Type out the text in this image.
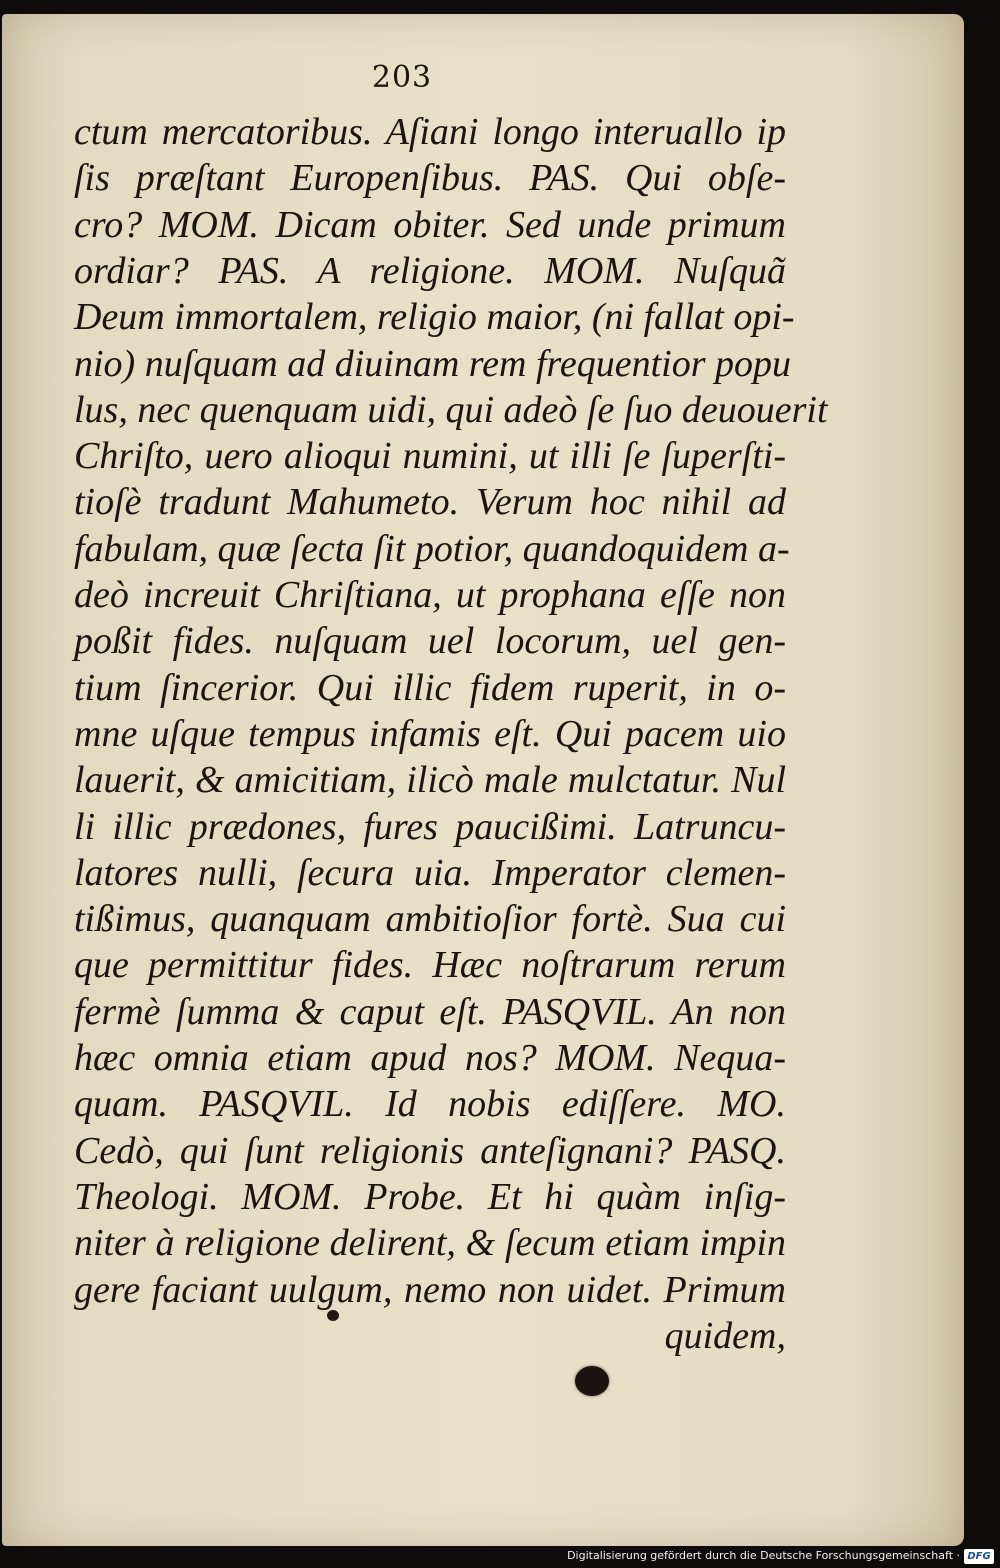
203
ctum mercatoribus. Aſiani longo interuallo ip
ſis præſtant Europenſibus. PAS. Qui obſe-
cro? MOM. Dicam obiter. Sed unde primum
ordiar? PAS. A religione. MOM. Nuſquã
Deum immortalem, religio maior, (ni fallat opi-
nio) nuſquam ad diuinam rem frequentior popu
lus, nec quenquam uidi, qui adeò ſe ſuo deuouerit
Chriſto, uero alioqui numini, ut illi ſe ſuperſti-
tioſè tradunt Mahumeto. Verum hoc nihil ad
fabulam, quæ ſecta ſit potior, quandoquidem a-
deò increuit Chriſtiana, ut prophana eſſe non
poßit fides. nuſquam uel locorum, uel gen-
tium ſincerior. Qui illic fidem ruperit, in o-
mne uſque tempus infamis eſt. Qui pacem uio
lauerit, & amicitiam, ilicò male mulctatur. Nul
li illic prædones, fures paucißimi. Latruncu-
latores nulli, ſecura uia. Imperator clemen-
tißimus, quanquam ambitioſior fortè. Sua cui
que permittitur fides. Hæc noſtrarum rerum
fermè ſumma & caput eſt. PASQVIL. An non
hæc omnia etiam apud nos? MOM. Nequa-
quam. PASQVIL. Id nobis ediſſere. MO.
Cedò, qui ſunt religionis anteſignani? PASQ.
Theologi. MOM. Probe. Et hi quàm inſig-
niter à religione delirent, & ſecum etiam impin
gere faciant uulgum, nemo non uidet. Primum
quidem,
Digitalisierung gefördert durch die Deutsche Forschungsgemeinschaft · DFG
